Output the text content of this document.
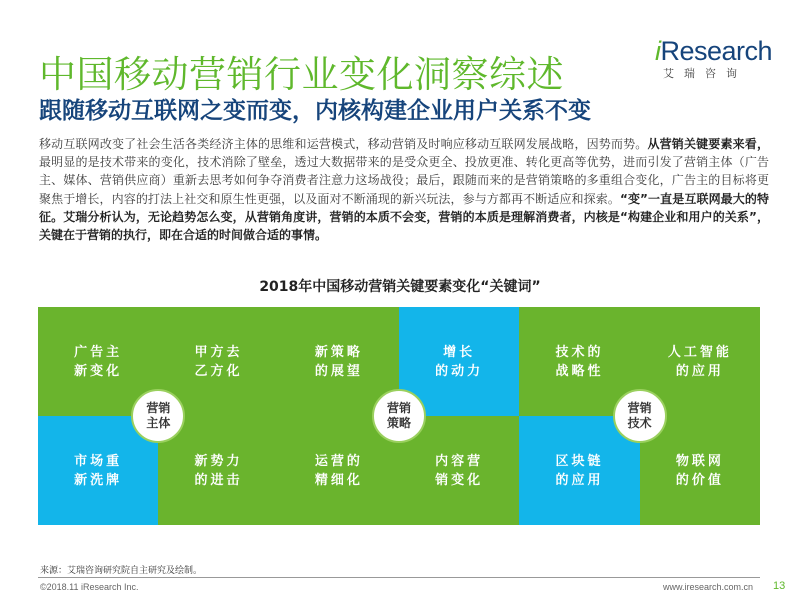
中国移动营销行业变化洞察综述
跟随移动互联网之变而变，内核构建企业用户关系不变
iResearch
艾瑞咨询
移动互联网改变了社会生活各类经济主体的思维和运营模式，移动营销及时响应移动互联网发展战略，因势而势。从营销关键要素来看，最明显的是技术带来的变化，技术消除了壁垒，透过大数据带来的是受众更全、投放更准、转化更高等优势，进而引发了营销主体（广告主、媒体、营销供应商）重新去思考如何争夺消费者注意力这场战役；最后，跟随而来的是营销策略的多重组合变化，广告主的目标将更聚焦于增长，内容的打法上社交和原生性更强，以及面对不断涌现的新兴玩法，参与方都再不断适应和探索。“变”一直是互联网最大的特征。艾瑞分析认为，无论趋势怎么变，从营销角度讲，营销的本质不会变，营销的本质是理解消费者，内核是“构建企业和用户的关系”，关键在于营销的执行，即在合适的时间做合适的事情。
2018年中国移动营销关键要素变化“关键词”
广告主
新变化
甲方去
乙方化
新策略
的展望
增长
的动力
技术的
战略性
人工智能
的应用
市场重
新洗牌
新势力
的进击
运营的
精细化
内容营
销变化
区块链
的应用
物联网
的价值
营销
主体
营销
策略
营销
技术
来源：艾瑞咨询研究院自主研究及绘制。
©2018.11 iResearch Inc.	www.iresearch.com.cn 13
